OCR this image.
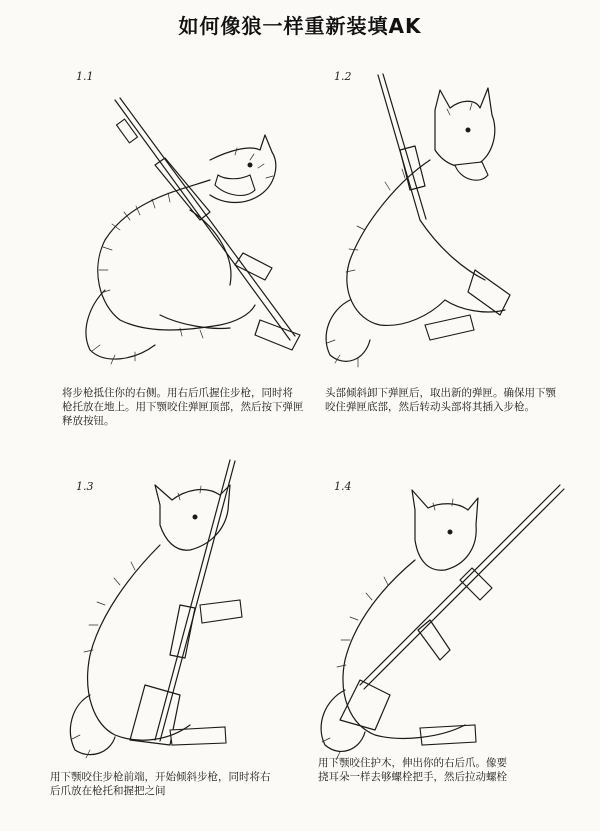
如何像狼一样重新装填AK
1.1
将步枪抵住你的右侧。用右后爪握住步枪，同时将
枪托放在地上。用下颚咬住弹匣顶部，然后按下弹匣
释放按钮。
1.2
头部倾斜卸下弹匣后，取出新的弹匣。确保用下颚
咬住弹匣底部，然后转动头部将其插入步枪。
1.3
用下颚咬住步枪前端，开始倾斜步枪，同时将右
后爪放在枪托和握把之间
1.4
用下颚咬住护木，伸出你的右后爪。像要
挠耳朵一样去够螺栓把手，然后拉动螺栓
